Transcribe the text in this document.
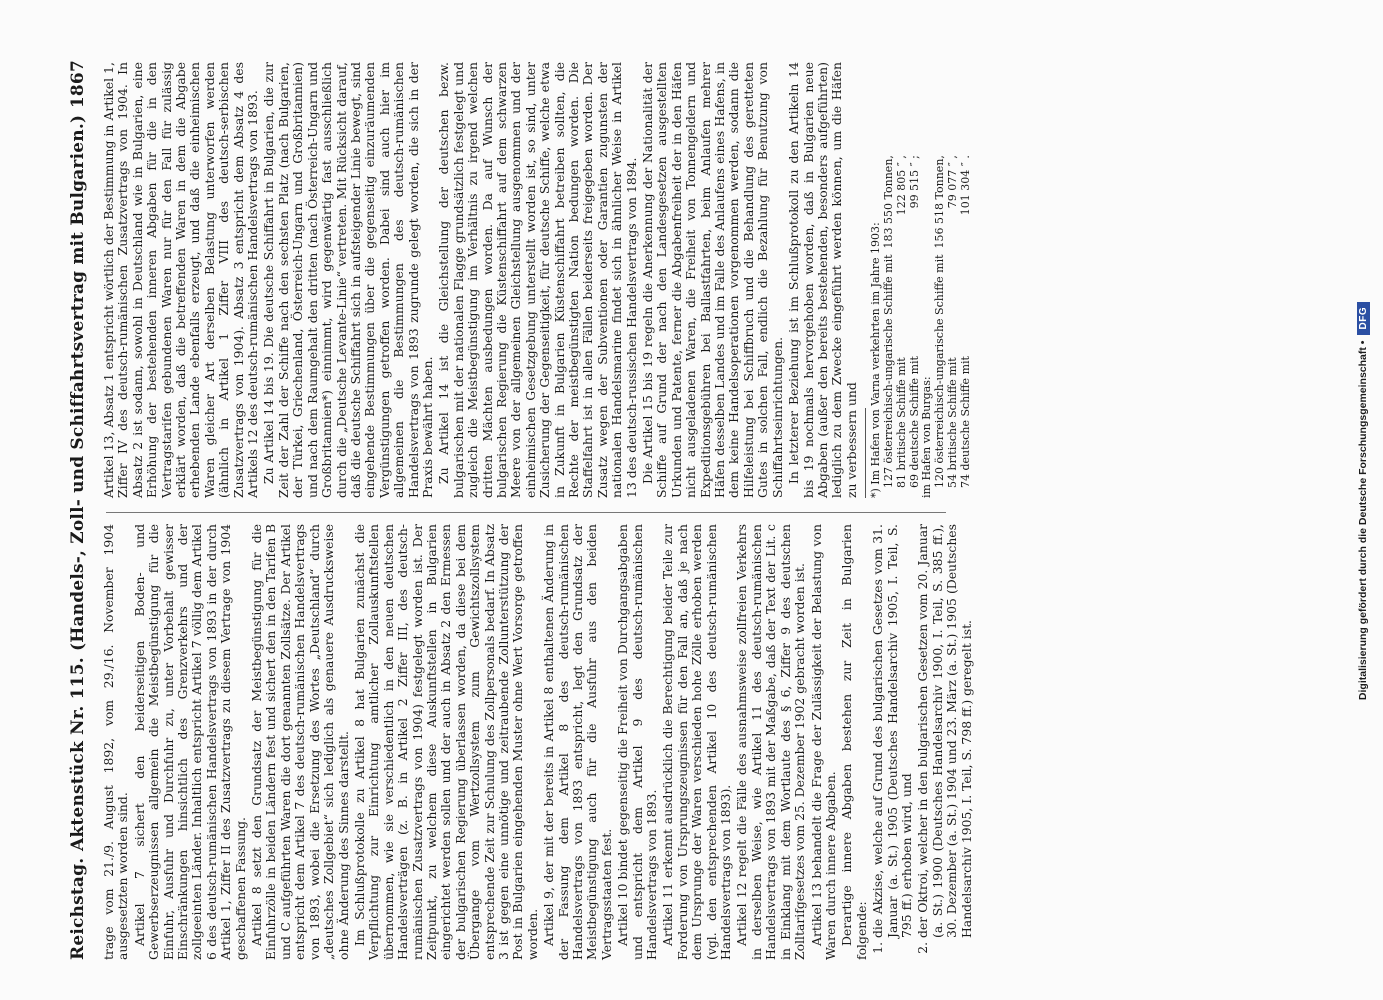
Reichstag.
Aktenstück Nr. 115. (Handels-, Zoll- und Schiffahrtsvertrag mit Bulgarien.)
1867

trage vom 21./9. August 1892, vom 29./16. November 1904 ausgesetzten worden sind. Artikel 7 sichert den beiderseitigen Boden- und Gewerbserzeugnissen allgemein die Meistbegünstigung für die Einfuhr, Ausfuhr und Durchfuhr zu, unter Vorbehalt gewisser Einschränkungen hinsichtlich des Grenzverkehrs und der zollgeeinten Länder. Inhaltlich entspricht Artikel 7 völlig dem Artikel 6 des deutsch-rumänischen Handelsvertrags von 1893 in der durch Artikel 1, Ziffer II des Zusatzvertrags zu diesem Vertrage von 1904 geschaffenen Fassung. Artikel 8 setzt den Grundsatz der Meistbegünstigung für die Einfuhrzölle in beiden Ländern fest und sichert den in den Tarifen B und C aufgeführten Waren die dort genannten Zollsätze. Der Artikel entspricht dem Artikel 7 des deutsch-rumänischen Handelsvertrags von 1893, wobei die Ersetzung des Wortes „Deutschland“ durch „deutsches Zollgebiet“ sich lediglich als genauere Ausdrucksweise ohne Änderung des Sinnes darstellt. Im Schlußprotokolle zu Artikel 8 hat Bulgarien zunächst die Verpflichtung zur Einrichtung amtlicher Zollauskunftstellen übernommen, wie sie verschiedentlich in den neuen deutschen Handelsverträgen (z. B. in Artikel 2 Ziffer III, des deutsch-rumänischen Zusatzvertrags von 1904) festgelegt worden ist. Der Zeitpunkt, zu welchem diese Auskunftstellen in Bulgarien eingerichtet werden sollen und der auch in Absatz 2 den Ermessen der bulgarischen Regierung überlassen worden, da diese bei dem Übergange vom Wertzollsystem zum Gewichtszollsystem entsprechende Zeit zur Schulung des Zollpersonals bedarf. In Absatz 3 ist gegen eine unnötige und zeitraubende Zollunterstützung der Post in Bulgarien eingehenden Muster ohne Wert Vorsorge getroffen worden. Artikel 9, der mit der bereits in Artikel 8 enthaltenen Änderung in der Fassung dem Artikel 8 des deutsch-rumänischen Handelsvertrags von 1893 entspricht, legt den Grundsatz der Meistbegünstigung auch für die Ausfuhr aus den beiden Vertragsstaaten fest. Artikel 10 bindet gegenseitig die Freiheit von Durchgangsabgaben und entspricht dem Artikel 9 des deutsch-rumänischen Handelsvertrags von 1893. Artikel 11 erkennt ausdrücklich die Berechtigung beider Teile zur Forderung von Ursprungszeugnissen für den Fall an, daß je nach dem Ursprunge der Waren verschieden hohe Zölle erhoben werden (vgl. den entsprechenden Artikel 10 des deutsch-rumänischen Handelsvertrags von 1893). Artikel 12 regelt die Fälle des ausnahmsweise zollfreien Verkehrs in derselben Weise, wie Artikel 11 des deutsch-rumänischen Handelsvertrags von 1893 mit der Maßgabe, daß der Text der Lit. c in Einklang mit dem Wortlaute des § 6, Ziffer 9 des deutschen Zolltarifgesetzes vom 25. Dezember 1902 gebracht worden ist. Artikel 13 behandelt die Frage der Zulässigkeit der Belastung von Waren durch innere Abgaben. Derartige innere Abgaben bestehen zur Zeit in Bulgarien folgende: 1. die Akzise, welche auf Grund des bulgarischen Gesetzes vom 31. Januar (a. St.) 1905 (Deutsches Handelsarchiv 1905, I. Teil, S. 795 ff.) erhoben wird, und 2. der Oktroi, welcher in den bulgarischen Gesetzen vom 20. Januar (a. St.) 1900 (Deutsches Handelsarchiv 1900, I. Teil, S. 385 ff.), 30. Dezember (a. St.) 1904 und 23. März (a. St.) 1905 (Deutsches Handelsarchiv 1905, I. Teil, S. 798 ff.) geregelt ist.

Artikel 13, Absatz 1 entspricht wörtlich der Bestimmung in Artikel 1, Ziffer IV des deutsch-rumänischen Zusatzvertrags von 1904. In Absatz 2 ist sodann, sowohl in Deutschland wie in Bulgarien, eine Erhöhung der bestehenden inneren Abgaben für die in den Vertragstarifen gebundenen Waren nur für den Fall für zulässig erklärt worden, daß die betreffenden Waren in dem die Abgabe erhebenden Lande ebenfalls erzeugt, und daß die einheimischen Waren gleicher Art derselben Belastung unterworfen werden (ähnlich in Artikel 1 Ziffer VIII des deutsch-serbischen Zusatzvertrags von 1904). Absatz 3 entspricht dem Absatz 4 des Artikels 12 des deutsch-rumänischen Handelsvertrags von 1893. Zu Artikel 14 bis 19. Die deutsche Schiffahrt in Bulgarien, die zur Zeit der Zahl der Schiffe nach den sechsten Platz (nach Bulgarien, der Türkei, Griechenland, Österreich-Ungarn und Großbritannien) und nach dem Raumgehalt den dritten (nach Österreich-Ungarn und Großbritannien*) einnimmt, wird gegenwärtig fast ausschließlich durch die „Deutsche Levante-Linie“ vertreten. Mit Rücksicht darauf, daß die deutsche Schiffahrt sich in aufsteigender Linie bewegt, sind eingehende Bestimmungen über die gegenseitig einzuräumenden Vergünstigungen getroffen worden. Dabei sind auch hier im allgemeinen die Bestimmungen des deutsch-rumänischen Handelsvertrags von 1893 zugrunde gelegt worden, die sich in der Praxis bewährt haben. Zu Artikel 14 ist die Gleichstellung der deutschen bezw. bulgarischen mit der nationalen Flagge grundsätzlich festgelegt und zugleich die Meistbegünstigung im Verhältnis zu irgend welchen dritten Mächten ausbedungen worden. Da auf Wunsch der bulgarischen Regierung die Küstenschiffahrt auf dem schwarzen Meere von der allgemeinen Gleichstellung ausgenommen und der einheimischen Gesetzgebung unterstellt worden ist, so sind, unter Zusicherung der Gegenseitigkeit, für deutsche Schiffe, welche etwa in Zukunft in Bulgarien Küstenschiffahrt betreiben sollten, die Rechte der meistbegünstigten Nation bedungen worden. Die Staffelfahrt ist in allen Fällen beiderseits freigegeben worden. Der Zusatz wegen der Subventionen oder Garantien zugunsten der nationalen Handelsmarine findet sich in ähnlicher Weise in Artikel 13 des deutsch-russischen Handelsvertrags von 1894. Die Artikel 15 bis 19 regeln die Anerkennung der Nationalität der Schiffe auf Grund der nach den Landesgesetzen ausgestellten Urkunden und Patente, ferner die Abgabenfreiheit der in den Häfen nicht ausgeladenen Waren, die Freiheit von Tonnengeldern und Expeditionsgebühren bei Ballastfahrten, beim Anlaufen mehrer Häfen desselben Landes und im Falle des Anlaufens eines Hafens, in dem keine Handelsoperationen vorgenommen werden, sodann die Hilfeleistung bei Schiffbruch und die Behandlung des geretteten Gutes in solchen Fall, endlich die Bezahlung für Benutzung von Schiffahrtseinrichtungen. In letzterer Beziehung ist im Schlußprotokoll zu den Artikeln 14 bis 19 nochmals hervorgehoben worden, daß in Bulgarien neue Abgaben (außer den bereits bestehenden, besonders aufgeführten) lediglich zu dem Zwecke eingeführt werden können, um die Häfen zu verbessern und *) Im Hafen von Varna verkehrten im Jahre 1903: 127 österreichisch-ungarische Schiffe mit	183 550 Tonnen,
81 britische Schiffe mit	122 805 ″ ,
69 deutsche Schiffe mit	99 515 ″ ;
im Hafen von Burgas: 120 österreichisch-ungarische Schiffe mit	156 518 Tonnen,
54 britische Schiffe mit	79 077 ″ ,
74 deutsche Schiffe mit	101 304 ″ .
Digitalisierung gefördert durch die Deutsche Forschungsgemeinschaft •
DFG
